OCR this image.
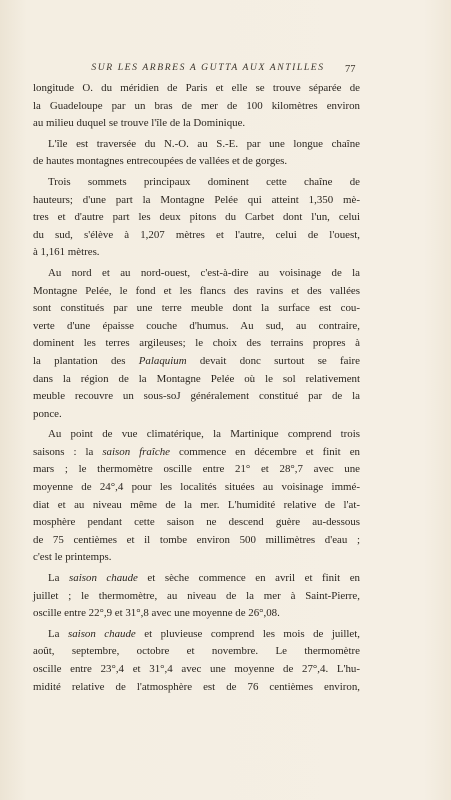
SUR LES ARBRES A GUTTA AUX ANTILLES	77
longitude O. du méridien de Paris et elle se trouve séparée de
la Guadeloupe par un bras de mer de 100 kilomètres environ
au milieu duquel se trouve l'île de la Dominique.
L'île est traversée du N.-O. au S.-E. par une longue chaîne
de hautes montagnes entrecoupées de vallées et de gorges.
Trois sommets principaux dominent cette chaîne de
hauteurs; d'une part la Montagne Pelée qui atteint 1,350 mè-
tres et d'autre part les deux pitons du Carbet dont l'un, celui
du sud, s'élève à 1,207 mètres et l'autre, celui de l'ouest,
à 1,161 mètres.
Au nord et au nord-ouest, c'est-à-dire au voisinage de la
Montagne Pelée, le fond et les flancs des ravins et des vallées
sont constitués par une terre meuble dont la surface est cou-
verte d'une épaisse couche d'humus. Au sud, au contraire,
dominent les terres argileuses; le choix des terrains propres à
la plantation des Palaquium devait donc surtout se faire
dans la région de la Montagne Pelée où le sol relativement
meuble recouvre un sous-soJ généralement constitué par de la
ponce.
Au point de vue climatérique, la Martinique comprend trois
saisons : la saison fraîche commence en décembre et finit en
mars ; le thermomètre oscille entre 21° et 28°,7 avec une
moyenne de 24°,4 pour les localités situées au voisinage immé-
diat et au niveau même de la mer. L'humidité relative de l'at-
mosphère pendant cette saison ne descend guère au-dessous
de 75 centièmes et il tombe environ 500 millimètres d'eau ;
c'est le printemps.
La saison chaude et sèche commence en avril et finit en
juillet ; le thermomètre, au niveau de la mer à Saint-Pierre,
oscille entre 22°,9 et 31°,8 avec une moyenne de 26°,08.
La saison chaude et pluvieuse comprend les mois de juillet,
août, septembre, octobre et novembre. Le thermomètre
oscille entre 23°,4 et 31°,4 avec une moyenne de 27°,4. L'hu-
midité relative de l'atmosphère est de 76 centièmes environ,
